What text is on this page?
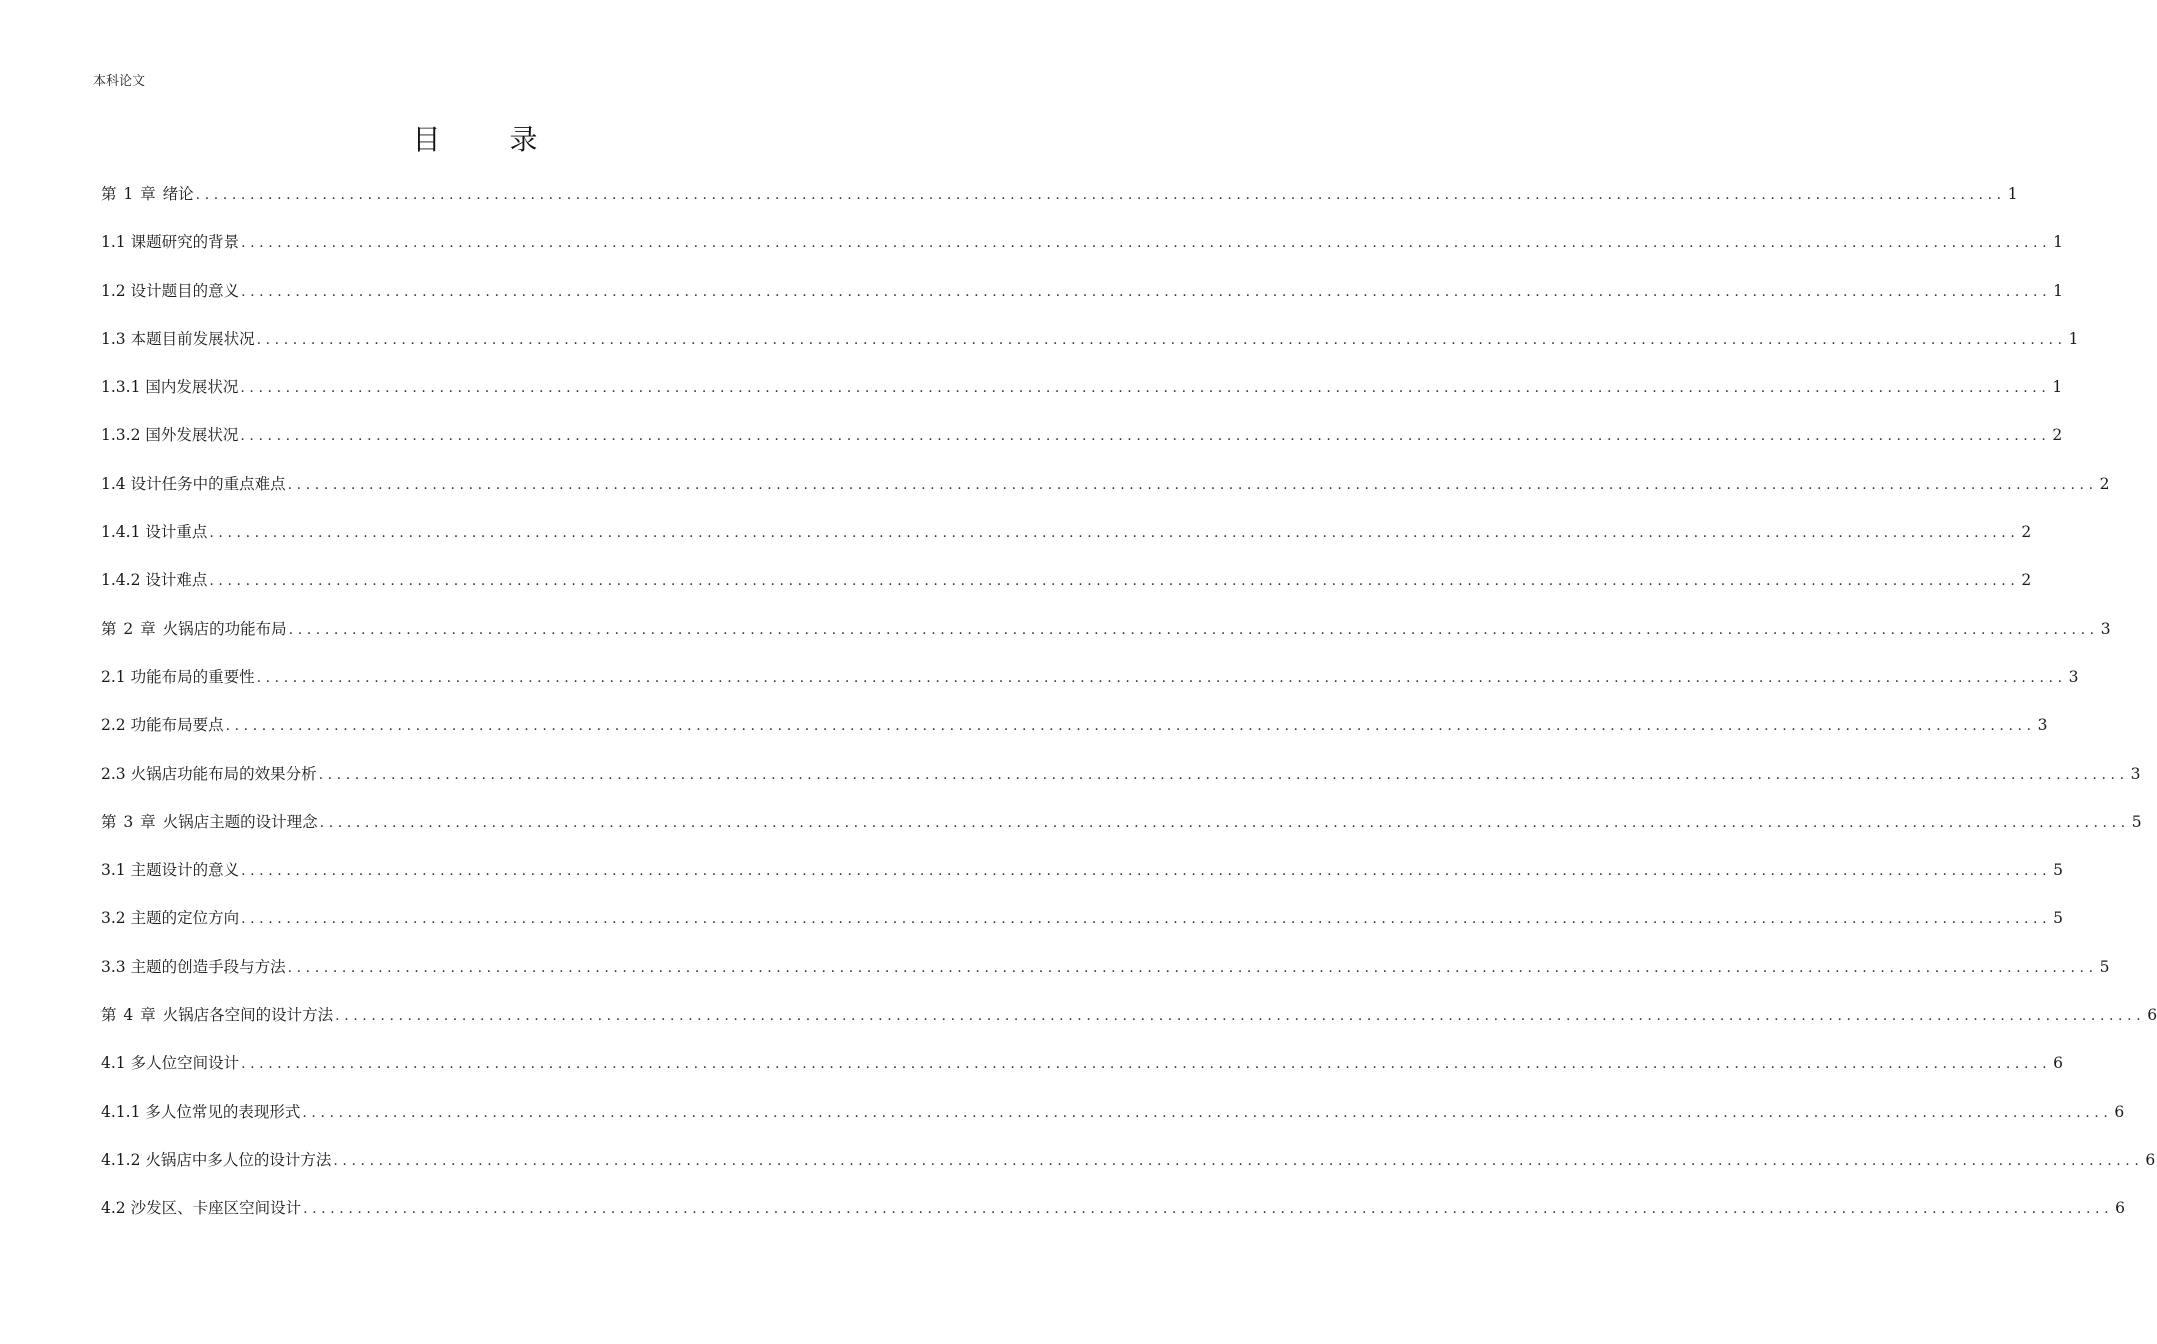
本科论文
目 录
第 1 章 绪论 ........................................................................................................................................................................................................ 1
1.1 课题研究的背景 ........................................................................................................................................................................................................ 1
1.2 设计题目的意义 ........................................................................................................................................................................................................ 1
1.3 本题目前发展状况 ........................................................................................................................................................................................................ 1
1.3.1 国内发展状况 ........................................................................................................................................................................................................ 1
1.3.2 国外发展状况 ........................................................................................................................................................................................................ 2
1.4 设计任务中的重点难点 ........................................................................................................................................................................................................ 2
1.4.1 设计重点 ........................................................................................................................................................................................................ 2
1.4.2 设计难点 ........................................................................................................................................................................................................ 2
第 2 章 火锅店的功能布局 ........................................................................................................................................................................................................ 3
2.1 功能布局的重要性 ........................................................................................................................................................................................................ 3
2.2 功能布局要点 ........................................................................................................................................................................................................ 3
2.3 火锅店功能布局的效果分析 ........................................................................................................................................................................................................ 3
第 3 章 火锅店主题的设计理念 ........................................................................................................................................................................................................ 5
3.1 主题设计的意义 ........................................................................................................................................................................................................ 5
3.2 主题的定位方向 ........................................................................................................................................................................................................ 5
3.3 主题的创造手段与方法 ........................................................................................................................................................................................................ 5
第 4 章 火锅店各空间的设计方法 ........................................................................................................................................................................................................ 6
4.1 多人位空间设计 ........................................................................................................................................................................................................ 6
4.1.1 多人位常见的表现形式 ........................................................................................................................................................................................................ 6
4.1.2 火锅店中多人位的设计方法 ........................................................................................................................................................................................................ 6
4.2 沙发区、卡座区空间设计 ........................................................................................................................................................................................................ 6
